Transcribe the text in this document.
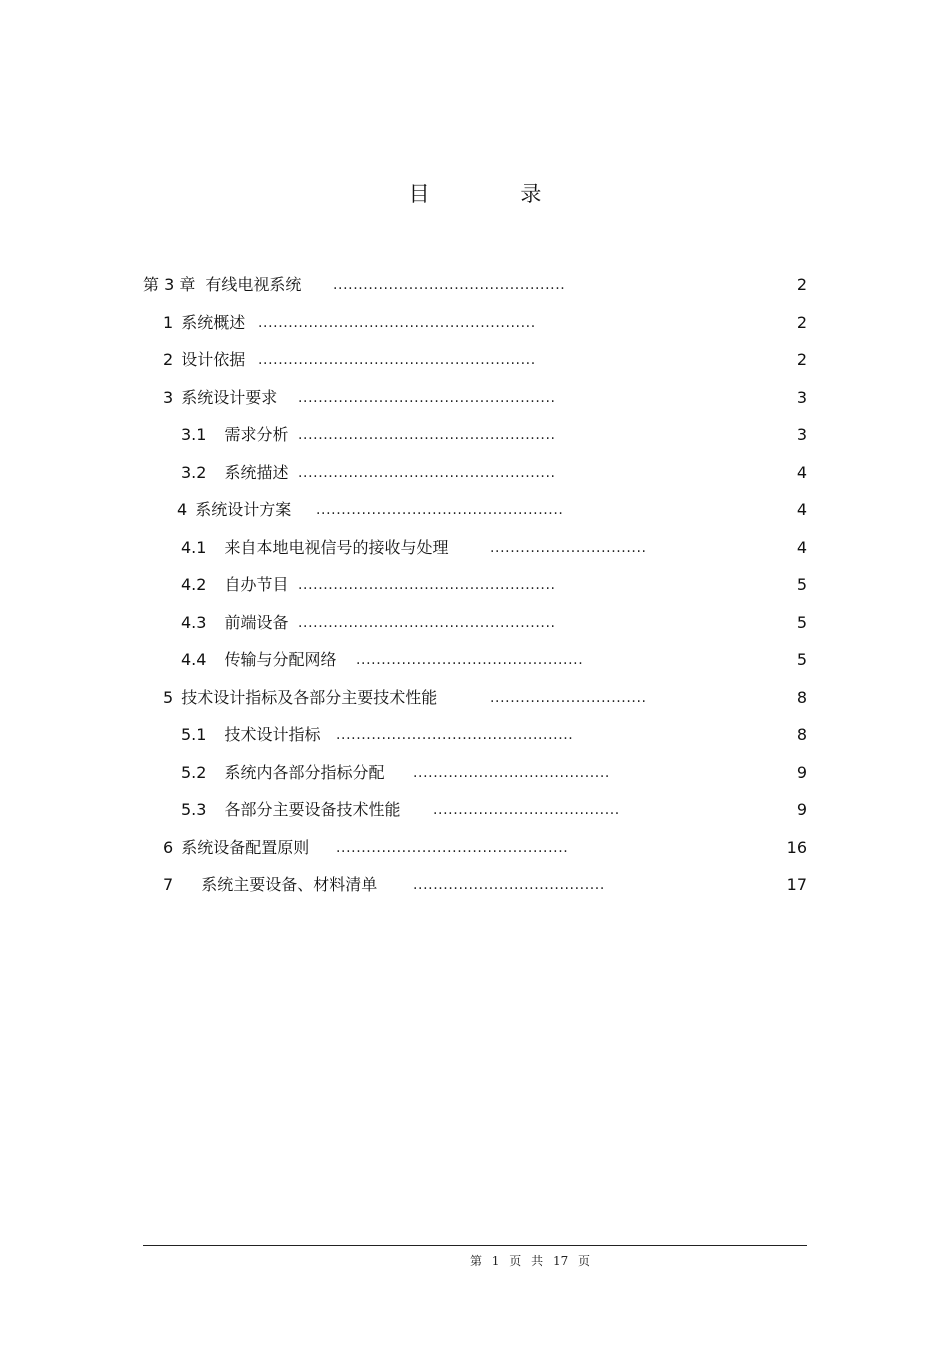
目 录
第 3 章 有线电视系统 ..............................................	2
1 系统概述 .......................................................	2
2 设计依据 .......................................................	2
3 系统设计要求 ...................................................	3
3.1 需求分析 ...................................................	3
3.2 系统描述 ...................................................	4
4 系统设计方案 .................................................	4
4.1 来自本地电视信号的接收与处理	...............................	4
4.2 自办节目 ...................................................	5
4.3 前端设备 ...................................................	5
4.4 传输与分配网络 .............................................	5
5 技术设计指标及各部分主要技术性能	...............................	8
5.1 技术设计指标 ...............................................	8
5.2 系统内各部分指标分配 .......................................	9
5.3 各部分主要设备技术性能 .....................................	9
6 系统设备配置原则 ..............................................	16
7 系统主要设备、材料清单	......................................	17
第 1 页 共 17 页
